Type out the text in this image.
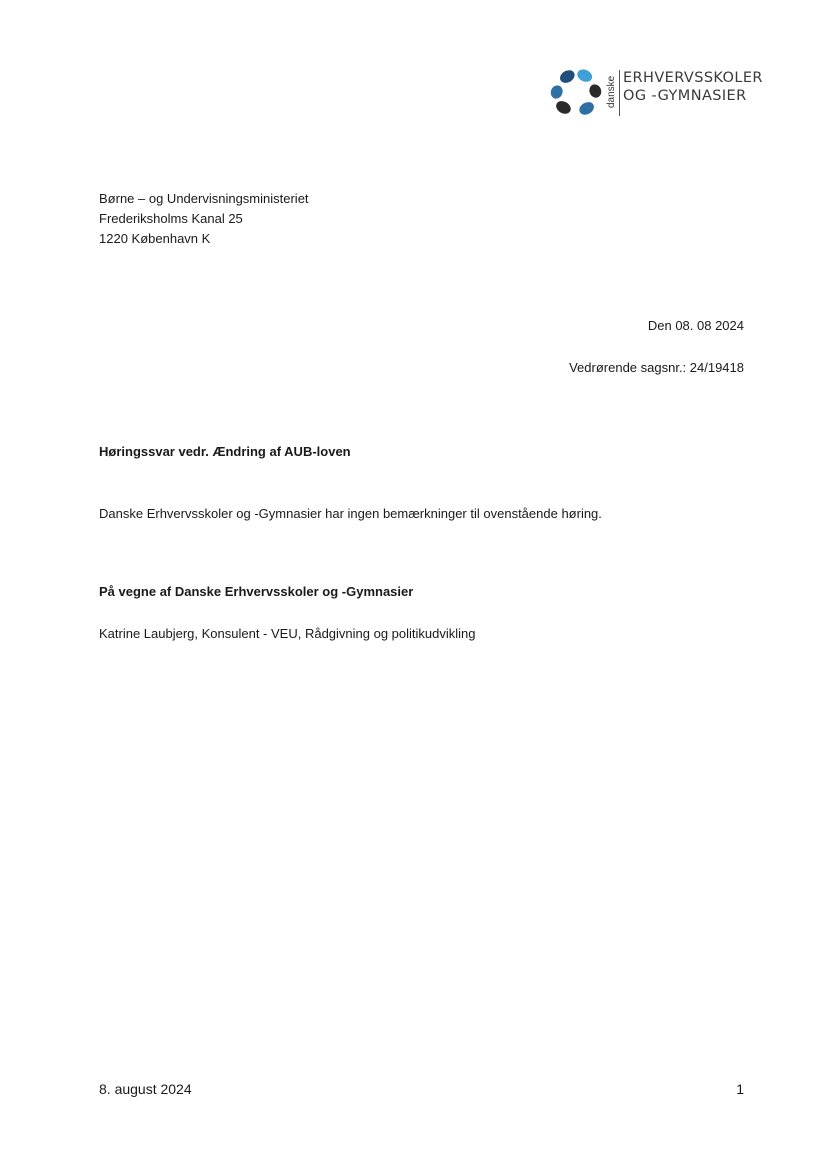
danske ERHVERVSSKOLER
OG -GYMNASIER
Børne – og Undervisningsministeriet
Frederiksholms Kanal 25
1220 København K
Den 08. 08 2024
Vedrørende sagsnr.: 24/19418
Høringssvar vedr. Ændring af AUB-loven
Danske Erhvervsskoler og -Gymnasier har ingen bemærkninger til ovenstående høring.
På vegne af Danske Erhvervsskoler og -Gymnasier
Katrine Laubjerg, Konsulent - VEU, Rådgivning og politikudvikling
8. august 2024	1
